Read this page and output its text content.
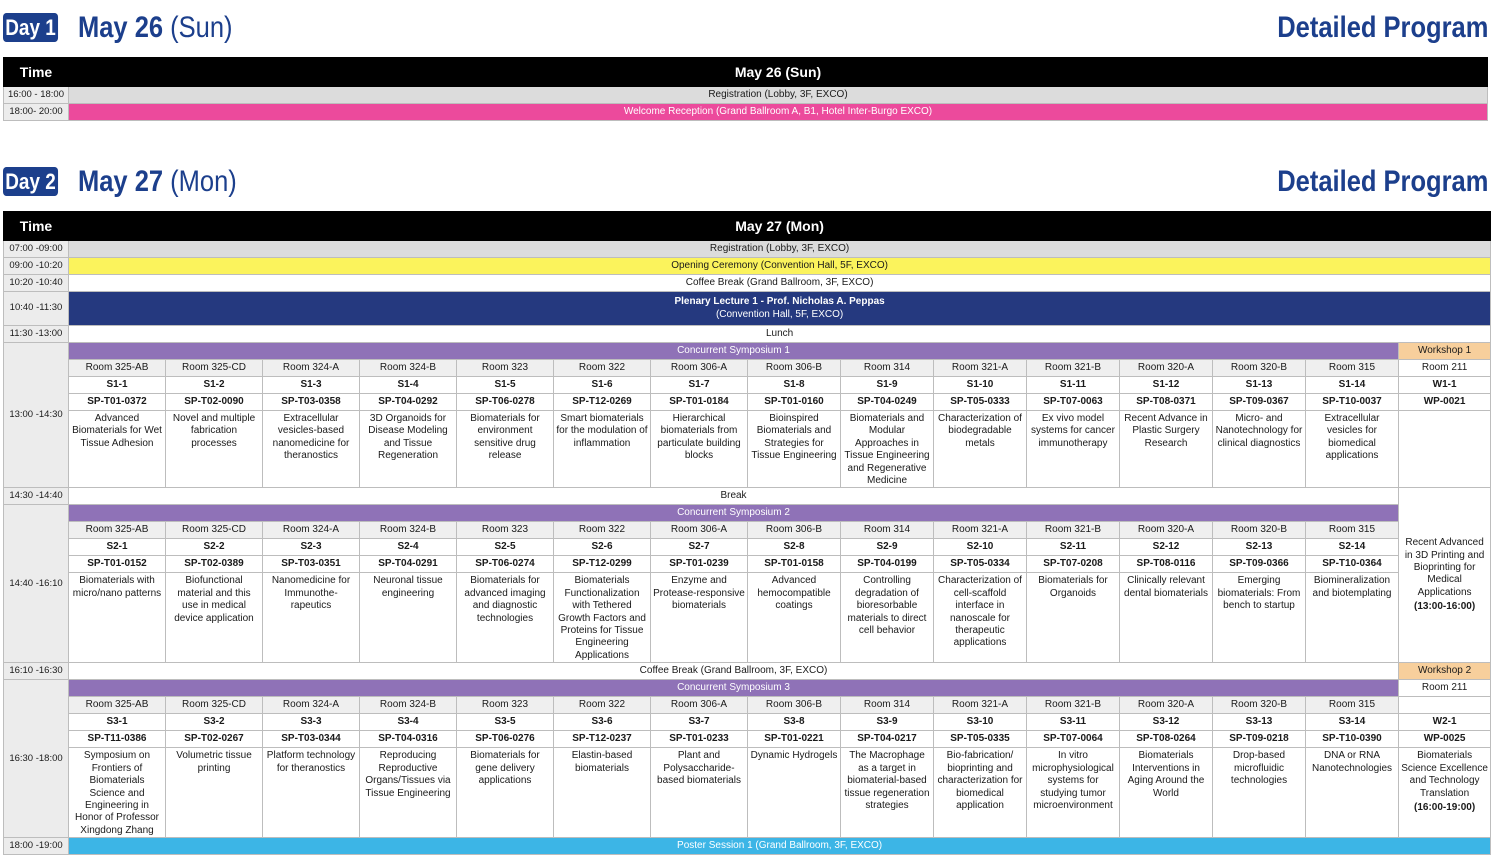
Day 1 May 26 (Sun)	Detailed Program
Time	May 26 (Sun)
16:00 - 18:00	Registration (Lobby, 3F, EXCO)
18:00- 20:00	Welcome Reception (Grand Ballroom A, B1, Hotel Inter-Burgo EXCO)
Day 2 May 27 (Mon)	Detailed Program
Time	May 27 (Mon)														
07:00 -09:00	Registration (Lobby, 3F, EXCO)														
09:00 -10:20	Opening Ceremony (Convention Hall, 5F, EXCO)														
10:20 -10:40	Coffee Break (Grand Ballroom, 3F, EXCO)														
10:40 -11:30	Plenary Lecture 1 - Prof. Nicholas A. Peppas
(Convention Hall, 5F, EXCO)														

11:30 -13:00	Lunch														
13:00 -14:30	Concurrent Symposium 1														Workshop 1
	Room 325-AB	Room 325-CD	Room 324-A	Room 324-B	Room 323	Room 322	Room 306-A	Room 306-B	Room 314	Room 321-A	Room 321-B	Room 320-A	Room 320-B	Room 315	Room 211
	S1-1	S1-2	S1-3	S1-4	S1-5	S1-6	S1-7	S1-8	S1-9	S1-10	S1-11	S1-12	S1-13	S1-14	W1-1
	SP-T01-0372	SP-T02-0090	SP-T03-0358	SP-T04-0292	SP-T06-0278	SP-T12-0269	SP-T01-0184	SP-T01-0160	SP-T04-0249	SP-T05-0333	SP-T07-0063	SP-T08-0371	SP-T09-0367	SP-T10-0037	WP-0021
	Advanced Biomaterials for Wet Tissue Adhesion	Novel and multiple fabrication processes	Extracellular vesicles-based nanomedicine for theranostics	3D Organoids for Disease Modeling and Tissue Regeneration	Biomaterials for environment sensitive drug release	Smart biomaterials for the modulation of inflammation	Hierarchical biomaterials from particulate building blocks	Bioinspired Biomaterials and Strategies for Tissue Engineering	Biomaterials and Modular Approaches in Tissue Engineering and Regenerative Medicine	Characterization of biodegradable metals	Ex vivo model systems for cancer immunotherapy	Recent Advance in Plastic Surgery Research	Micro- and Nanotechnology for clinical diagnostics	Extracellular vesicles for biomedical applications	
14:30 -14:40	Break														Recent Advanced in 3D Printing and Bioprinting for Medical Applications
(13:00-16:00)

14:40 -16:10	Concurrent Symposium 2														
	Room 325-AB	Room 325-CD	Room 324-A	Room 324-B	Room 323	Room 322	Room 306-A	Room 306-B	Room 314	Room 321-A	Room 321-B	Room 320-A	Room 320-B	Room 315	
	S2-1	S2-2	S2-3	S2-4	S2-5	S2-6	S2-7	S2-8	S2-9	S2-10	S2-11	S2-12	S2-13	S2-14	
	SP-T01-0152	SP-T02-0389	SP-T03-0351	SP-T04-0291	SP-T06-0274	SP-T12-0299	SP-T01-0239	SP-T01-0158	SP-T04-0199	SP-T05-0334	SP-T07-0208	SP-T08-0116	SP-T09-0366	SP-T10-0364	
	Biomaterials with micro/nano patterns	Biofunctional material and this use in medical device application	Nanomedicine for Immunothe-rapeutics	Neuronal tissue engineering	Biomaterials for advanced imaging and diagnostic technologies	Biomaterials Functionalization with Tethered Growth Factors and Proteins for Tissue Engineering Applications	Enzyme and Protease-responsive biomaterials	Advanced hemocompatible coatings	Controlling degradation of bioresorbable materials to direct cell behavior	Characterization of cell-scaffold interface in nanoscale for therapeutic applications	Biomaterials for Organoids	Clinically relevant dental biomaterials	Emerging biomaterials: From bench to startup	Biomineralization and biotemplating	
16:10 -16:30	Coffee Break (Grand Ballroom, 3F, EXCO)														Workshop 2
16:30 -18:00	Concurrent Symposium 3														Room 211
	Room 325-AB	Room 325-CD	Room 324-A	Room 324-B	Room 323	Room 322	Room 306-A	Room 306-B	Room 314	Room 321-A	Room 321-B	Room 320-A	Room 320-B	Room 315	
	S3-1	S3-2	S3-3	S3-4	S3-5	S3-6	S3-7	S3-8	S3-9	S3-10	S3-11	S3-12	S3-13	S3-14	W2-1
	SP-T11-0386	SP-T02-0267	SP-T03-0344	SP-T04-0316	SP-T06-0276	SP-T12-0237	SP-T01-0233	SP-T01-0221	SP-T04-0217	SP-T05-0335	SP-T07-0064	SP-T08-0264	SP-T09-0218	SP-T10-0390	WP-0025
	Symposium on Frontiers of Biomaterials Science and Engineering in Honor of Professor Xingdong Zhang	Volumetric tissue printing	Platform technology for theranostics	Reproducing Reproductive Organs/Tissues via Tissue Engineering	Biomaterials for gene delivery applications	Elastin-based biomaterials	Plant and Polysaccharide-based biomaterials	Dynamic Hydrogels	The Macrophage as a target in biomaterial-based tissue regeneration strategies	Bio-fabrication/ bioprinting and characterization for biomedical application	In vitro microphysiological systems for studying tumor microenvironment	Biomaterials Interventions in Aging Around the World	Drop-based microfluidic technologies	DNA or RNA Nanotechnologies	Biomaterials Science Excellence and Technology Translation
(16:00-19:00)

18:00 -19:00	Poster Session 1 (Grand Ballroom, 3F, EXCO)														
